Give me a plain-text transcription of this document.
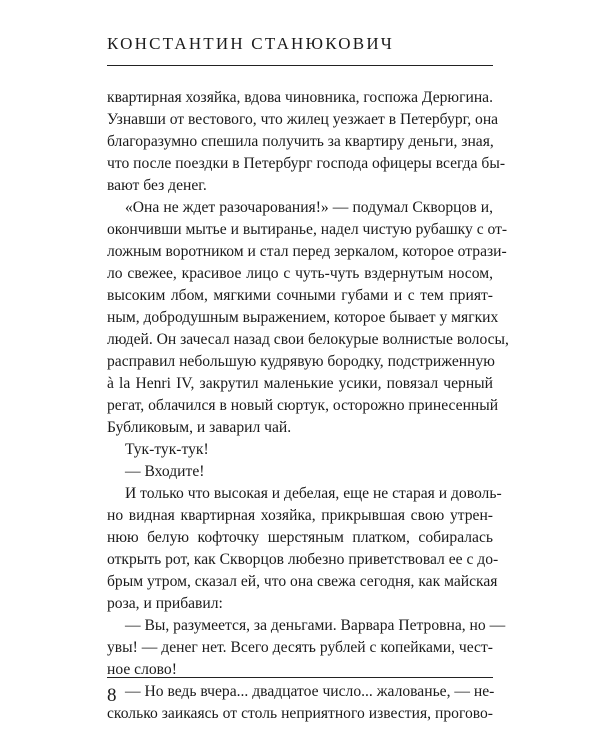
КОНСТАНТИН СТАНЮКОВИЧ
квартирная хозяйка, вдова чиновника, госпожа Дерюгина.
Узнавши от вестового, что жилец уезжает в Петербург, она
благоразумно спешила получить за квартиру деньги, зная,
что после поездки в Петербург господа офицеры всегда бы-
вают без денег.
«Она не ждет разочарования!» — подумал Скворцов и,
окончивши мытье и вытиранье, надел чистую рубашку с от-
ложным воротником и стал перед зеркалом, которое отрази-
ло свежее, красивое лицо с чуть-чуть вздернутым носом,
высоким лбом, мягкими сочными губами и с тем прият-
ным, добродушным выражением, которое бывает у мягких
людей. Он зачесал назад свои белокурые волнистые волосы,
расправил небольшую кудрявую бородку, подстриженную
à la Henri IV, закрутил маленькие усики, повязал черный
регат, облачился в новый сюртук, осторожно принесенный
Бубликовым, и заварил чай.
Тук-тук-тук!
— Входите!
И только что высокая и дебелая, еще не старая и доволь-
но видная квартирная хозяйка, прикрывшая свою утрен-
нюю белую кофточку шерстяным платком, собиралась
открыть рот, как Скворцов любезно приветствовал ее с до-
брым утром, сказал ей, что она свежа сегодня, как майская
роза, и прибавил:
— Вы, разумеется, за деньгами. Варвара Петровна, но —
увы! — денег нет. Всего десять рублей с копейками, чест-
ное слово!
— Но ведь вчера... двадцатое число... жалованье, — не-
сколько заикаясь от столь неприятного известия, прогово-
8
